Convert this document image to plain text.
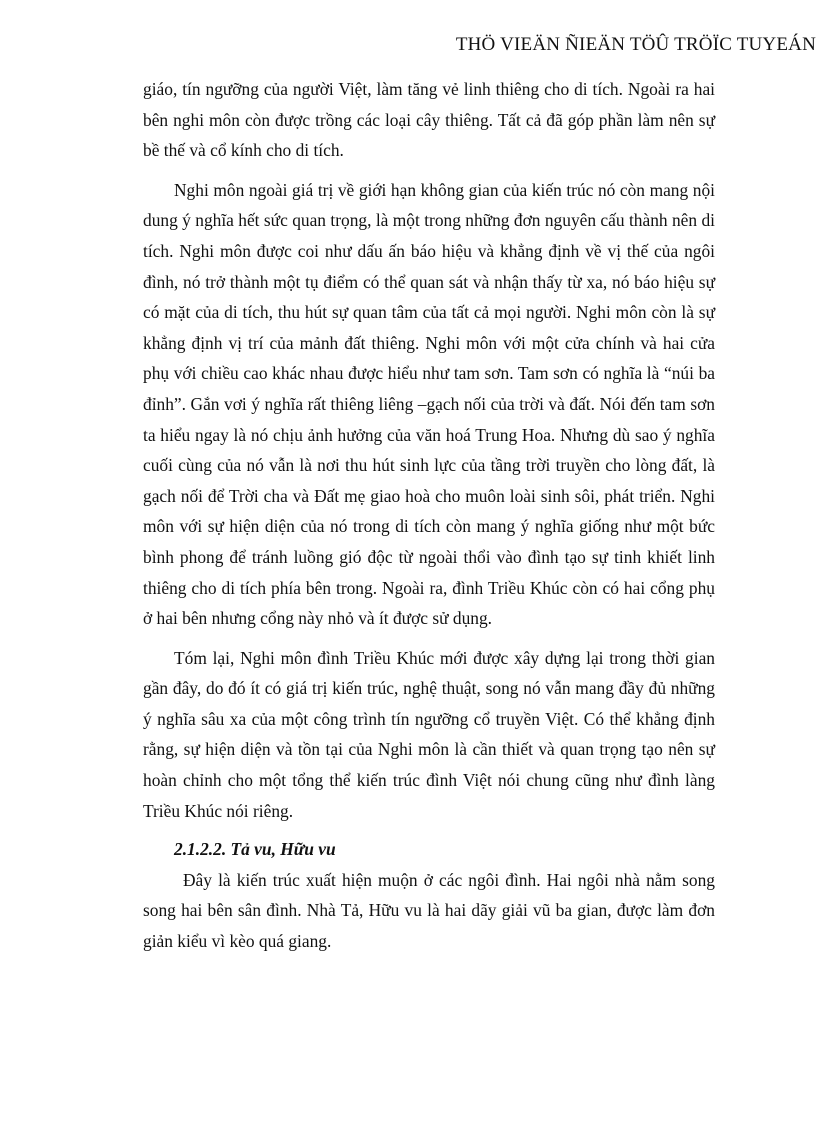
THÖ VIEÄN ÑIEÄN TÖÛ TRÖÏC TUYEÁN

giáo, tín ngưỡng của người Việt, làm tăng vẻ linh thiêng cho di tích. Ngoài ra hai bên nghi môn còn được trồng các loại cây thiêng. Tất cả đã góp phần làm nên sự bề thế và cổ kính cho di tích.

Nghi môn ngoài giá trị về giới hạn không gian của kiến trúc nó còn mang nội dung ý nghĩa hết sức quan trọng, là một trong những đơn nguyên cấu thành nên di tích. Nghi môn được coi như dấu ấn báo hiệu và khẳng định về vị thế của ngôi đình, nó trở thành một tụ điểm có thể quan sát và nhận thấy từ xa, nó báo hiệu sự có mặt của di tích, thu hút sự quan tâm của tất cả mọi người. Nghi môn còn là sự khẳng định vị trí của mảnh đất thiêng. Nghi môn với một cửa chính và hai cửa phụ với chiều cao khác nhau được hiểu như tam sơn. Tam sơn có nghĩa là “núi ba đỉnh”. Gắn vơi ý nghĩa rất thiêng liêng –gạch nối của trời và đất. Nói đến tam sơn ta hiểu ngay là nó chịu ảnh hưởng của văn hoá Trung Hoa. Nhưng dù sao ý nghĩa cuối cùng của nó vẫn là nơi thu hút sinh lực của tầng trời truyền cho lòng đất, là gạch nối để Trời cha và Đất mẹ giao hoà cho muôn loài sinh sôi, phát triển. Nghi môn với sự hiện diện của nó trong di tích còn mang ý nghĩa giống như một bức bình phong để tránh luồng gió độc từ ngoài thổi vào đình tạo sự tinh khiết linh thiêng cho di tích phía bên trong. Ngoài ra, đình Triều Khúc còn có hai cổng phụ ở hai bên nhưng cổng này nhỏ và ít được sử dụng.

Tóm lại, Nghi môn đình Triều Khúc mới được xây dựng lại trong thời gian gần đây, do đó ít có giá trị kiến trúc, nghệ thuật, song nó vẫn mang đầy đủ những ý nghĩa sâu xa của một công trình tín ngưỡng cổ truyền Việt. Có thể khẳng định rằng, sự hiện diện và tồn tại của Nghi môn là cần thiết và quan trọng tạo nên sự hoàn chỉnh cho một tổng thể kiến trúc đình Việt nói chung cũng như đình làng Triều Khúc nói riêng.

2.1.2.2. Tả vu, Hữu vu

Đây là kiến trúc xuất hiện muộn ở các ngôi đình. Hai ngôi nhà nằm song song hai bên sân đình. Nhà Tả, Hữu vu là hai dãy giải vũ ba gian, được làm đơn giản kiểu vì kèo quá giang.
